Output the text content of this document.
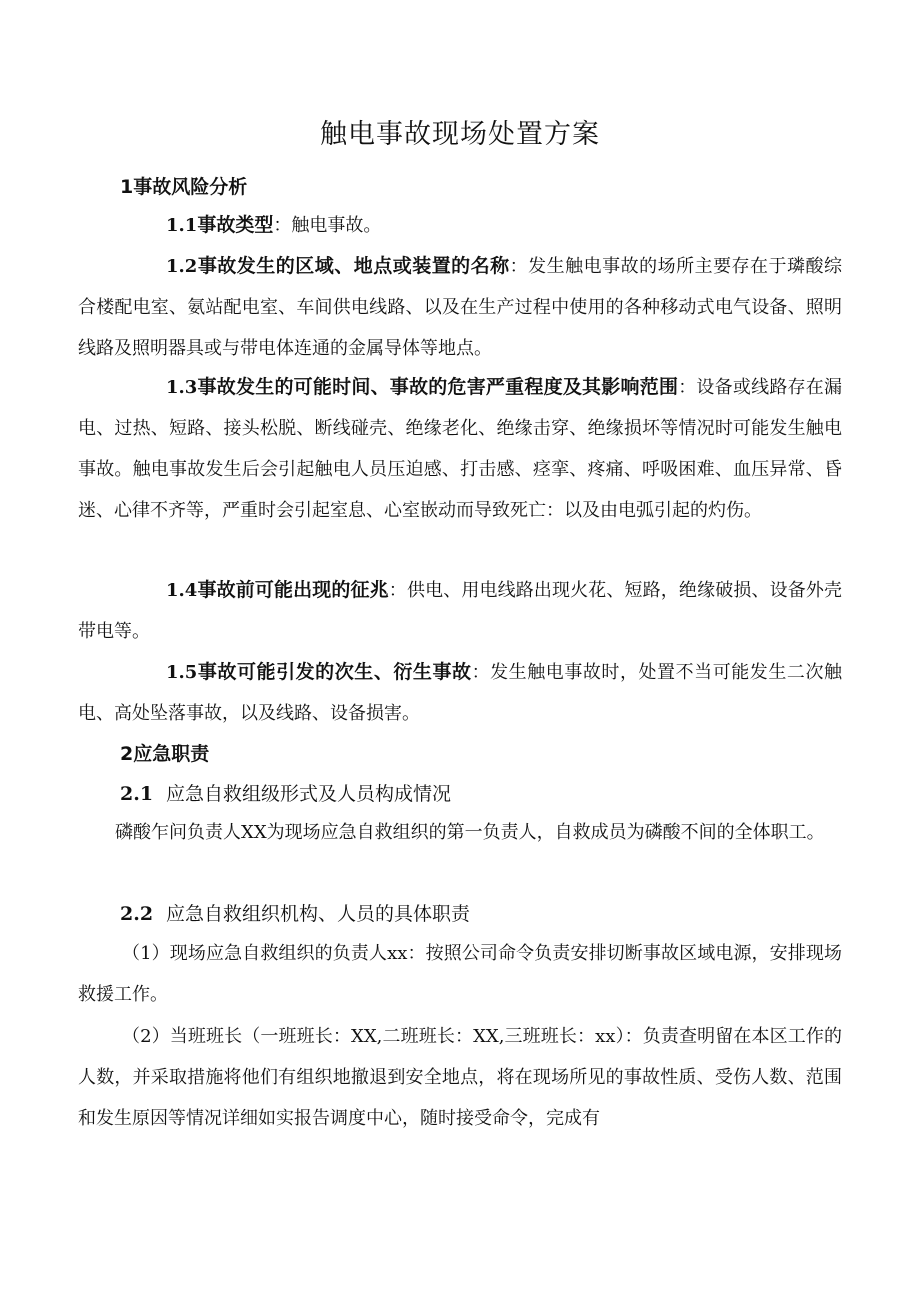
触电事故现场处置方案

1事故风险分析

1.1事故类型：触电事故。

1.2事故发生的区域、地点或装置的名称：发生触电事故的场所主要存在于璘酸综合楼配电室、氨站配电室、车间供电线路、以及在生产过程中使用的各种移动式电气设备、照明线路及照明器具或与带电体连通的金属导体等地点。

1.3事故发生的可能时间、事故的危害严重程度及其影响范围：设备或线路存在漏电、过热、短路、接头松脱、断线碰壳、绝缘老化、绝缘击穿、绝缘损坏等情况时可能发生触电事故。触电事故发生后会引起触电人员压迫感、打击感、痉挛、疼痛、呼吸困难、血压异常、昏迷、心律不齐等，严重时会引起室息、心室嵌动而导致死亡：以及由电弧引起的灼伤。

1.4事故前可能出现的征兆：供电、用电线路出现火花、短路，绝缘破损、设备外壳带电等。

1.5事故可能引发的次生、衍生事故：发生触电事故时，处置不当可能发生二次触电、高处坠落事故，以及线路、设备损害。

2应急职责

2.1 应急自救组级形式及人员构成情况

磷酸乍问负责人XX为现场应急自救组织的第一负责人，自救成员为磷酸不间的全体职工。

2.2 应急自救组织机构、人员的具体职责

（1）现场应急自救组织的负责人xx：按照公司命令负责安排切断事故区域电源，安排现场救援工作。

（2）当班班长（一班班长：XX,二班班长：XX,三班班长：xx）：负责查明留在本区工作的人数，并采取措施将他们有组织地撤退到安全地点，将在现场所见的事故性质、受伤人数、范围和发生原因等情况详细如实报告调度中心，随时接受命令，完成有
